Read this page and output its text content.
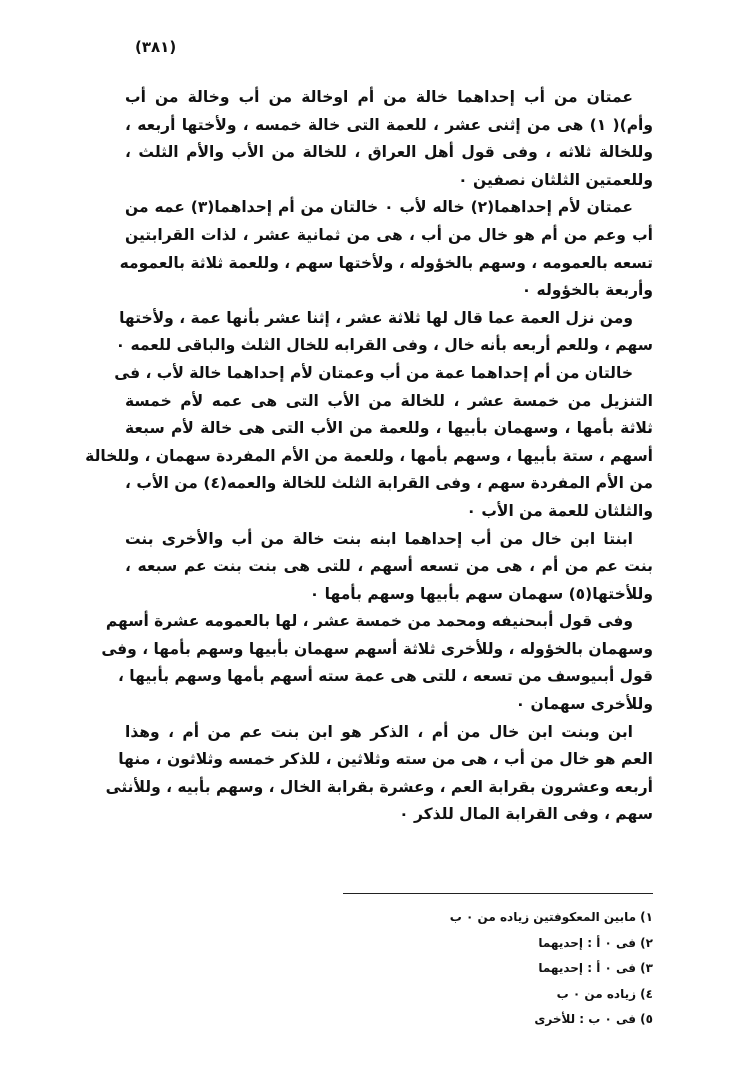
(٣٨١)

عمتان من أب إحداهما خالة من أم اوخالة من أب وخالة من أب
وأم)( ١) هى من إثنى عشر ، للعمة التى خالة خمسه ، ولأختها أربعه ،
وللخالة ثلاثه ، وفى قول أهل العراق ، للخالة من الأب والأم الثلث ،
وللعمتين الثلثان نصفين ٠

عمتان لأم إحداهما(٢) خاله لأب ٠ خالتان من أم إحداهما(٣) عمه من
أب وعم من أم هو خال من أب ، هى من ثمانية عشر ، لذات القرابتين
تسعه بالعمومه ، وسهم بالخؤوله ، ولأختها سهم ، وللعمة ثلاثة بالعمومه
وأربعة بالخؤوله ٠

ومن نزل العمة عما قال لها ثلاثة عشر ، إثنا عشر بأنها عمة ، ولأختها
سهم ، وللعم أربعه بأنه خال ، وفى القرابه للخال الثلث والباقى للعمه ٠

خالتان من أم إحداهما عمة من أب وعمتان لأم إحداهما خالة لأب ، فى
التنزيل من خمسة عشر ، للخالة من الأب التى هى عمه لأم خمسة
ثلاثة بأمها ، وسهمان بأبيها ، وللعمة من الأب التى هى خالة لأم سبعة
أسهم ، ستة بأبيها ، وسهم بأمها ، وللعمة من الأم المفردة سهمان ، وللخالة
من الأم المفردة سهم ، وفى القرابة الثلث للخالة والعمه(٤) من الأب ،
والثلثان للعمة من الأب ٠

ابنتا ابن خال من أب إحداهما ابنه بنت خالة من أب والأخرى بنت
بنت عم من أم ، هى من تسعه أسهم ، للتى هى بنت بنت عم سبعه ،
وللأختها(٥) سهمان سهم بأبيها وسهم بأمها ٠

وفى قول أبىحنيفه ومحمد من خمسة عشر ، لها بالعمومه عشرة أسهم
وسهمان بالخؤوله ، وللأخرى ثلاثة أسهم سهمان بأبيها وسهم بأمها ، وفى
قول أبىيوسف من تسعه ، للتى هى عمة سته أسهم بأمها وسهم بأبيها ،
وللأخرى سهمان ٠

ابن وبنت ابن خال من أم ، الذكر هو ابن بنت عم من أم ، وهذا
العم هو خال من أب ، هى من سته وثلاثين ، للذكر خمسه وثلاثون ، منها
أربعه وعشرون بقرابة العم ، وعشرة بقرابة الخال ، وسهم بأبيه ، وللأنثى
سهم ، وفى القرابة المال للذكر ٠

١) مابين المعكوفتين زياده من ٠ ب
٢) فى ٠ أ : إحديهما
٣) فى ٠ أ : إحديهما
٤) زياده من ٠ ب
٥) فى ٠ ب : للأخرى
